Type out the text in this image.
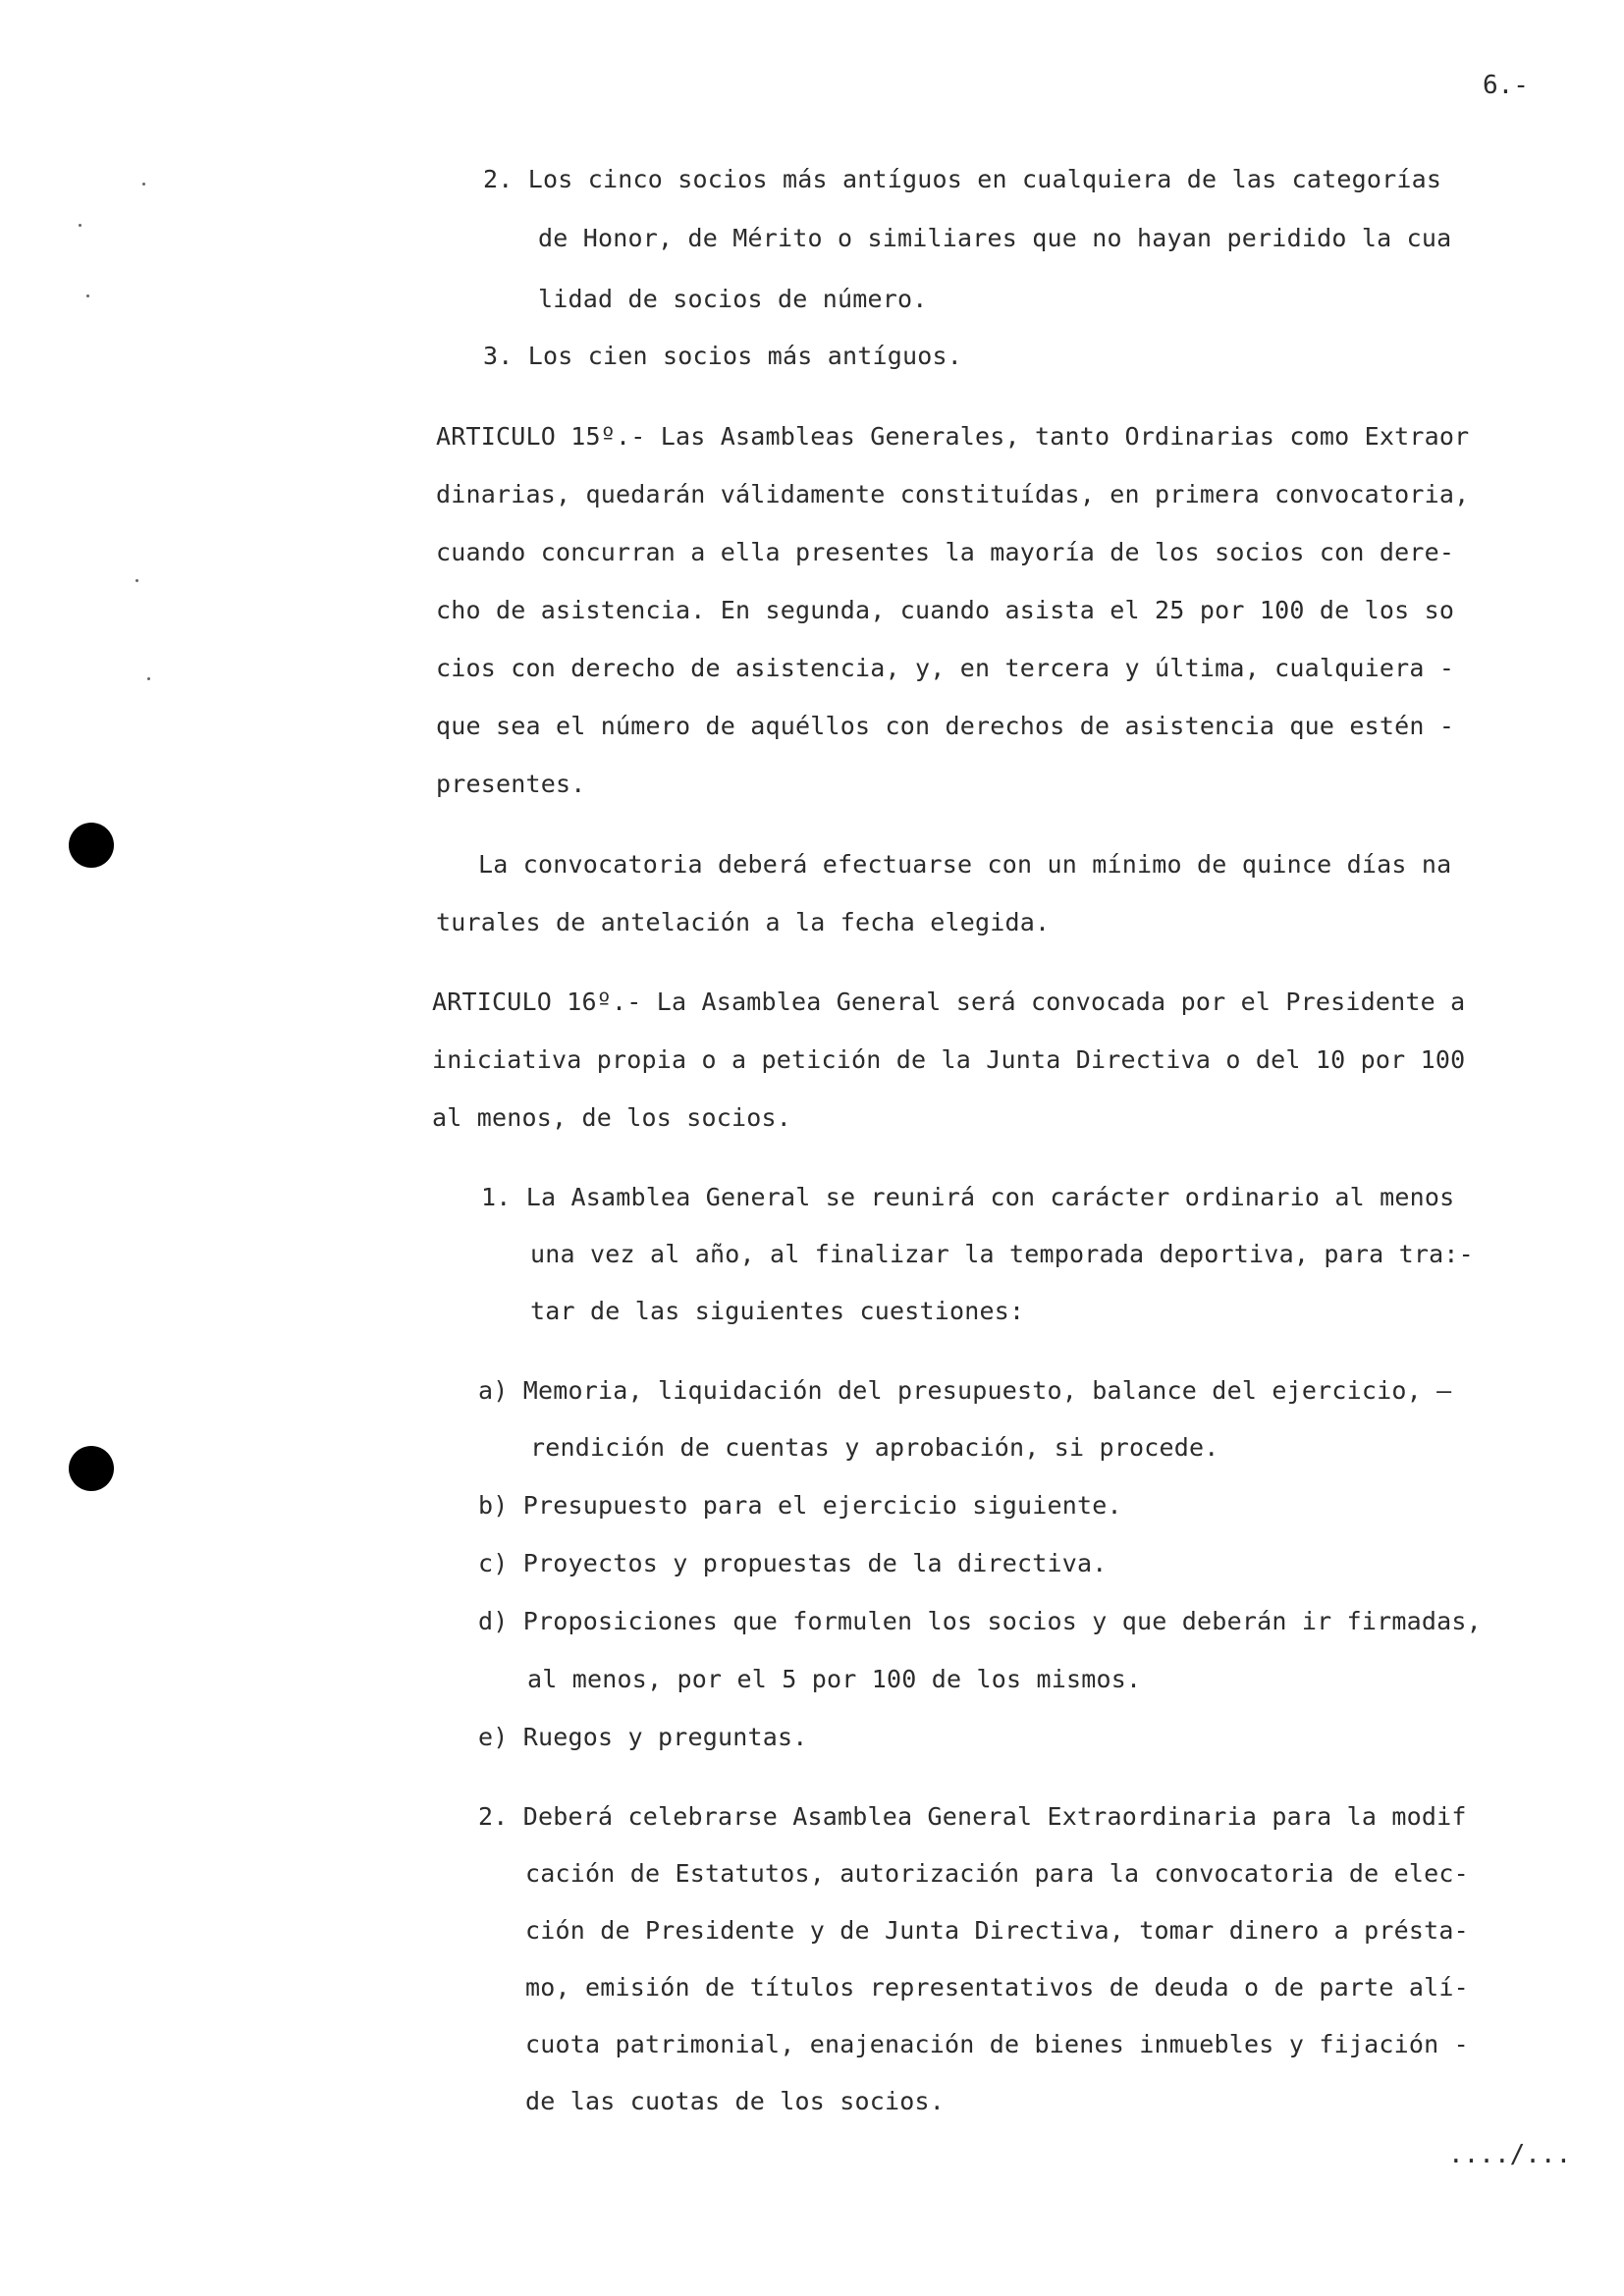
6.-
2. Los cinco socios más antíguos en cualquiera de las categorías
de Honor, de Mérito o similiares que no hayan peridido la cua
lidad de socios de número.
3. Los cien socios más antíguos.
ARTICULO 15º.- Las Asambleas Generales, tanto Ordinarias como Extraor
dinarias, quedarán válidamente constituídas, en primera convocatoria,
cuando concurran a ella presentes la mayoría de los socios con dere-
cho de asistencia. En segunda, cuando asista el 25 por 100 de los so
cios con derecho de asistencia, y, en tercera y última, cualquiera -
que sea el número de aquéllos con derechos de asistencia que estén -
presentes.
La convocatoria deberá efectuarse con un mínimo de quince días na
turales de antelación a la fecha elegida.
ARTICULO 16º.- La Asamblea General será convocada por el Presidente a
iniciativa propia o a petición de la Junta Directiva o del 10 por 100
al menos, de los socios.
1. La Asamblea General se reunirá con carácter ordinario al menos
una vez al año, al finalizar la temporada deportiva, para tra:-
tar de las siguientes cuestiones:
a) Memoria, liquidación del presupuesto, balance del ejercicio, —
rendición de cuentas y aprobación, si procede.
b) Presupuesto para el ejercicio siguiente.
c) Proyectos y propuestas de la directiva.
d) Proposiciones que formulen los socios y que deberán ir firmadas,
al menos, por el 5 por 100 de los mismos.
e) Ruegos y preguntas.
2. Deberá celebrarse Asamblea General Extraordinaria para la modif
cación de Estatutos, autorización para la convocatoria de elec-
ción de Presidente y de Junta Directiva, tomar dinero a présta-
mo, emisión de títulos representativos de deuda o de parte alí-
cuota patrimonial, enajenación de bienes inmuebles y fijación -
de las cuotas de los socios.
..../...
